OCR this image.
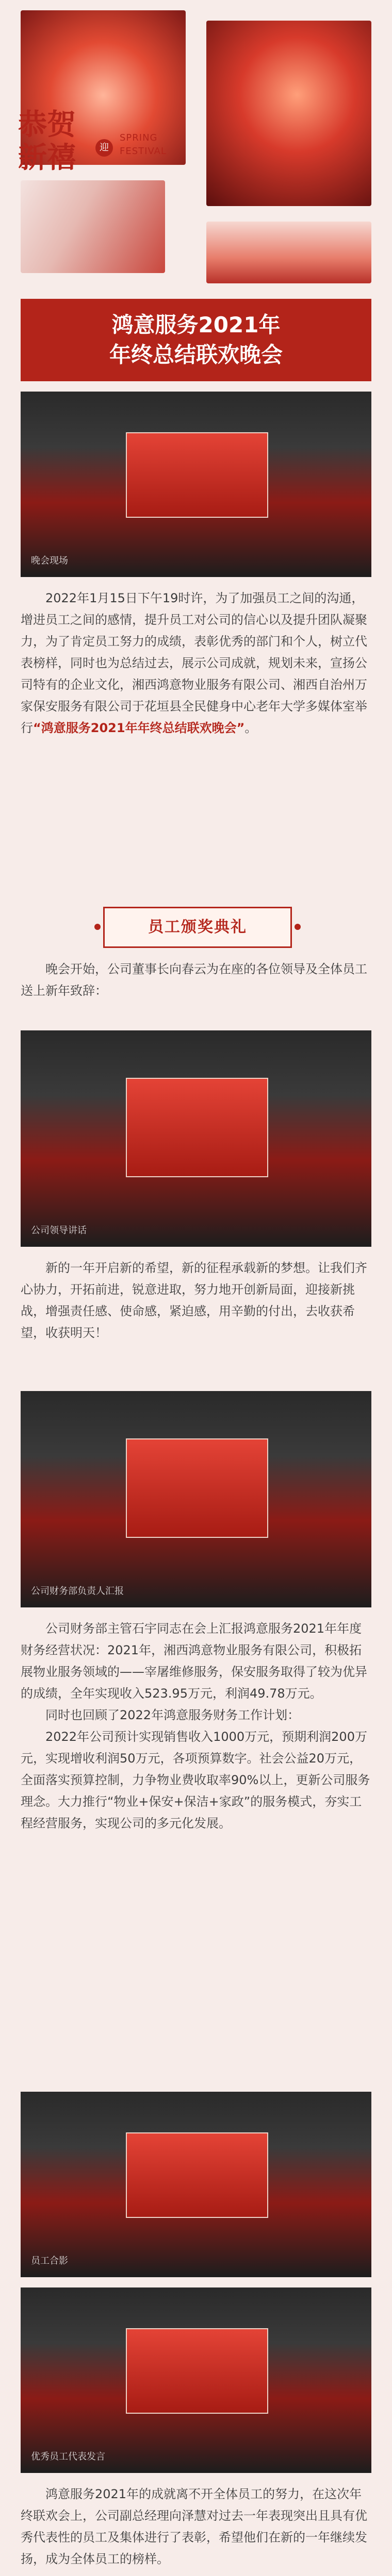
恭贺
新禧	迎
SPRING
FESTIVAL
鸿意服务2021年
年终总结联欢晚会
晚会现场

2022年1月15日下午19时许，为了加强员工之间的沟通，增进员工之间的感情，提升员工对公司的信心以及提升团队凝聚力，为了肯定员工努力的成绩，表彰优秀的部门和个人，树立代表榜样，同时也为总结过去，展示公司成就，规划未来，宣扬公司特有的企业文化，湘西鸿意物业服务有限公司、湘西自治州万家保安服务有限公司于花垣县全民健身中心老年大学多媒体室举行“鸿意服务2021年年终总结联欢晚会”。

员工颁奖典礼

晚会开始，公司董事长向春云为在座的各位领导及全体员工送上新年致辞：

公司领导讲话

新的一年开启新的希望，新的征程承载新的梦想。让我们齐心协力，开拓前进，锐意进取，努力地开创新局面，迎接新挑战，增强责任感、使命感，紧迫感，用辛勤的付出，去收获希望，收获明天！

公司财务部负责人汇报

公司财务部主管石宇同志在会上汇报鸿意服务2021年年度财务经营状况：2021年，湘西鸿意物业服务有限公司，积极拓展物业服务领域的——宰屠维修服务，保安服务取得了较为优异的成绩，全年实现收入523.95万元，利润49.78万元。

同时也回顾了2022年鸿意服务财务工作计划：

2022年公司预计实现销售收入1000万元，预期利润200万元，实现增收利润50万元，各项预算数字。社会公益20万元，全面落实预算控制，力争物业费收取率90%以上，更新公司服务理念。大力推行“物业+保安+保洁+家政”的服务模式，夯实工程经营服务，实现公司的多元化发展。

员工合影
优秀员工代表发言

鸿意服务2021年的成就离不开全体员工的努力，在这次年终联欢会上，公司副总经理向泽慧对过去一年表现突出且具有优秀代表性的员工及集体进行了表彰，希望他们在新的一年继续发扬，成为全体员工的榜样。
